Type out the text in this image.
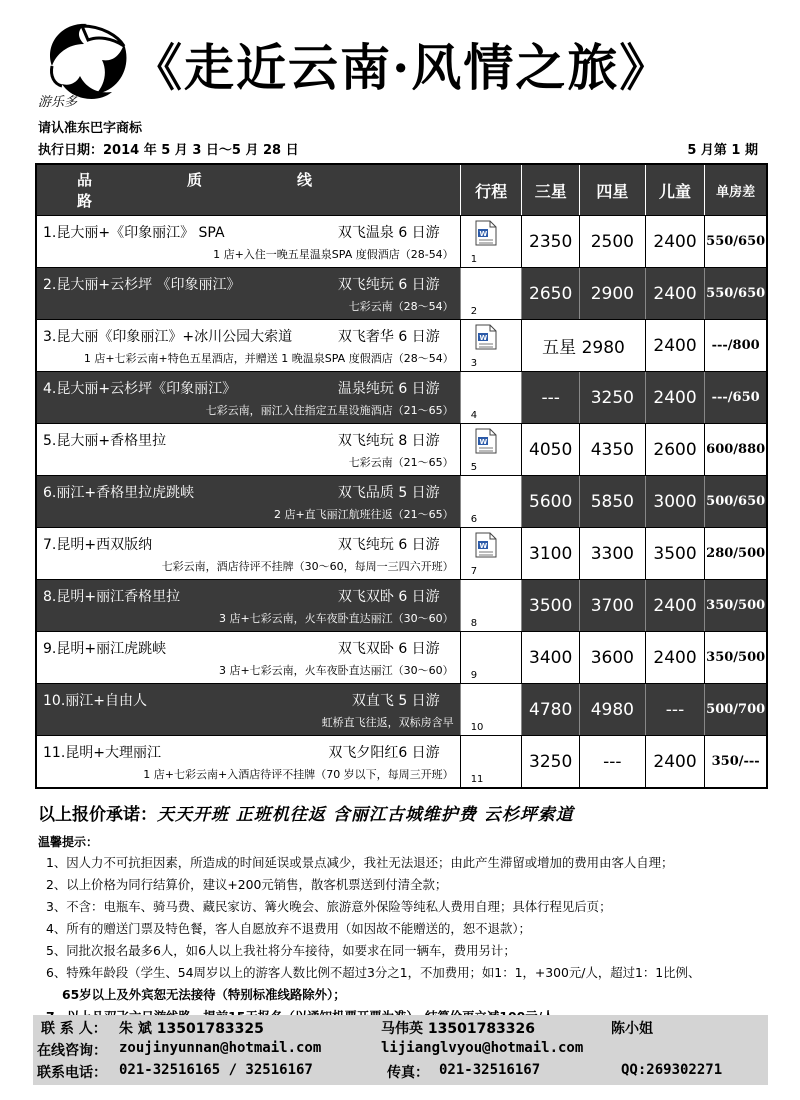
游乐多
《走近云南·风情之旅》
请认准东巴字商标
执行日期：2014 年 5 月 3 日～5 月 28 日	5 月第 1 期
品　质　线　路
行程	三星	四星	儿童	单房差
1.昆大丽+《印象丽江》 SPA	双飞温泉 6 日游
1 店+入住一晚五星温泉SPA 度假酒店（28-54）
W
1
2350	2500	2400 550/650
2.昆大丽+云杉坪 《印象丽江》	双飞纯玩 6 日游
七彩云南（28～54） 2
2650	2900	2400 550/650
3.昆大丽《印象丽江》+冰川公园大索道	双飞奢华 6 日游
1 店+七彩云南+特色五星酒店，并赠送 1 晚温泉SPA 度假酒店（28～54）
W
3
五星 2980	2400	---/800
4.昆大丽+云杉坪《印象丽江》	温泉纯玩 6 日游
七彩云南，丽江入住指定五星设施酒店（21～65） 4
---	3250	2400	---/650
5.昆大丽+香格里拉	双飞纯玩 8 日游
七彩云南（21～65）
W
5
4050	4350	2600 600/880
6.丽江+香格里拉虎跳峡	双飞品质 5 日游
2 店+直飞丽江航班往返（21～65） 6
5600	5850	3000 500/650
7.昆明+西双版纳	双飞纯玩 6 日游
七彩云南，酒店待评不挂牌（30～60，每周一三四六开班）
W
7
3100	3300	3500 280/500
8.昆明+丽江香格里拉	双飞双卧 6 日游
3 店+七彩云南，火车夜卧直达丽江（30～60） 8
3500	3700	2400 350/500
9.昆明+丽江虎跳峡	双飞双卧 6 日游
3 店+七彩云南，火车夜卧直达丽江（30～60） 9
3400	3600	2400 350/500
10.丽江+自由人	双直飞 5 日游
虹桥直飞往返，双标房含早 10
4780	4980	---	500/700
11.昆明+大理丽江	双飞夕阳红6 日游
1 店+七彩云南+入酒店待评不挂牌（70 岁以下，每周三开班） 11
3250	---	2400	350/---
以上报价承诺：天天开班 正班机往返 含丽江古城维护费 云杉坪索道
温馨提示：

1、因人力不可抗拒因素，所造成的时间延误或景点减少，我社无法退还；由此产生滞留或增加的费用由客人自理；

2、以上价格为同行结算价，建议+200元销售，散客机票送到付清全款；

3、不含：电瓶车、骑马费、藏民家访、篝火晚会、旅游意外保险等纯私人费用自理；具体行程见后页；

4、所有的赠送门票及特色餐，客人自愿放弃不退费用（如因故不能赠送的，恕不退款）；

5、同批次报名最多6人，如6人以上我社将分车接待，如要求在同一辆车，费用另计；

6、特殊年龄段（学生、54周岁以上的游客人数比例不超过3分之1，不加费用；如1：1，+300元/人，超过1：1比例、

65岁以上及外宾恕无法接待（特别标准线路除外）；

联 系 人： 朱 斌 13501783325	马伟英 13501783326	陈小姐
在线咨询： zoujinyunnan@hotmail.com	lijianglvyou@hotmail.com
联系电话： 021-32516165 / 32516167	传真： 021-32516167	QQ:269302271
